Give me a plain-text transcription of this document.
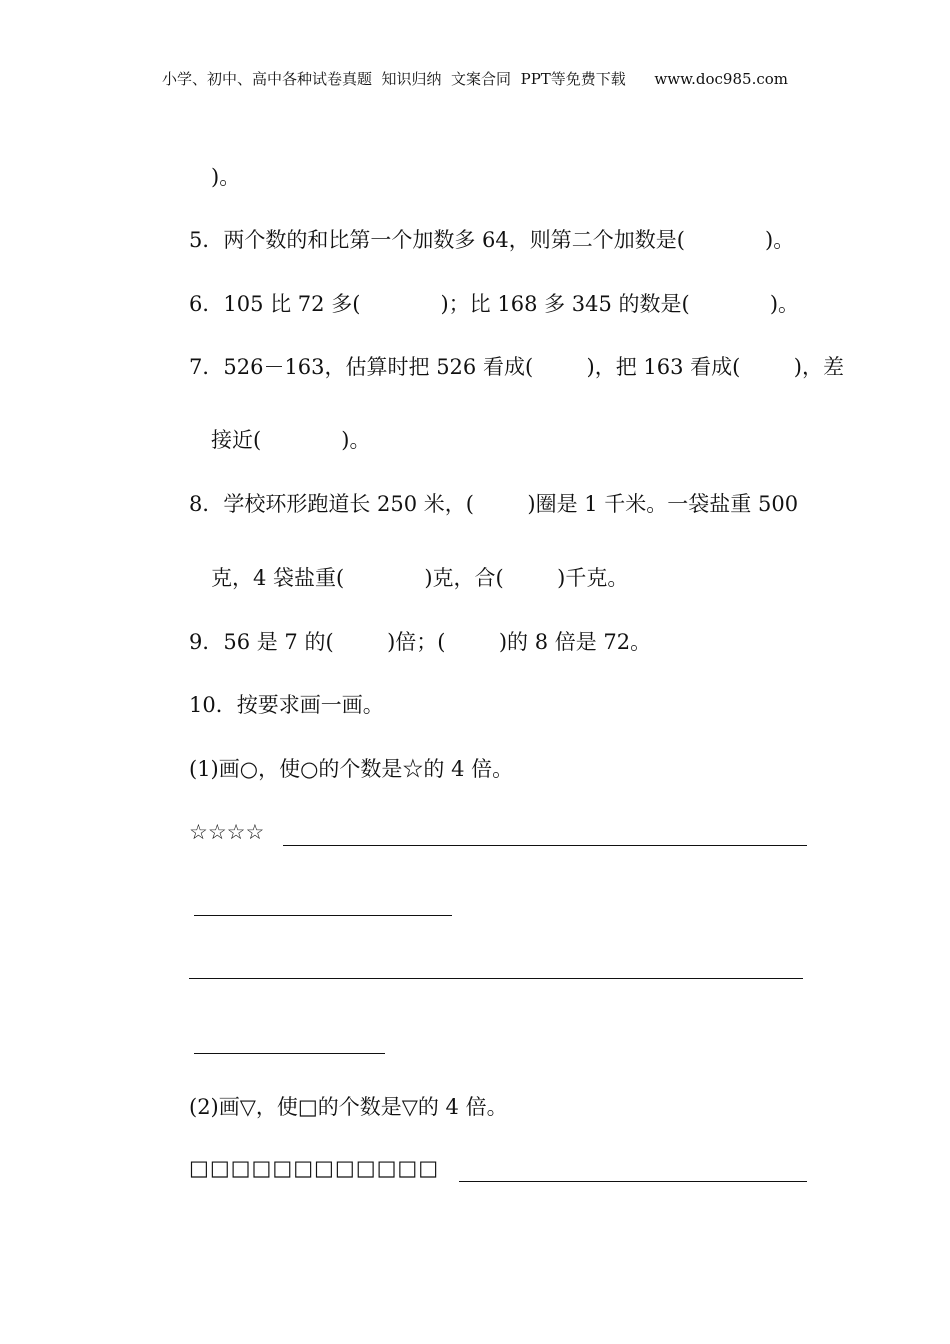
小学、初中、高中各种试卷真题  知识归纳  文案合同  PPT等免费下载      www.doc985.com
)。
5．两个数的和比第一个加数多 64，则第二个加数是(            )。
6．105 比 72 多(            )；比 168 多 345 的数是(            )。
7．526－163，估算时把 526 看成(        )，把 163 看成(        )，差
接近(            )。
8．学校环形跑道长 250 米，(        )圈是 1 千米。一袋盐重 500
克，4 袋盐重(            )克，合(        )千克。
9．56 是 7 的(        )倍；(        )的 8 倍是 72。
10．按要求画一画。
(1)画○，使○的个数是☆的 4 倍。
☆☆☆☆
(2)画▽，使□的个数是▽的 4 倍。
□□□□□□□□□□□□
